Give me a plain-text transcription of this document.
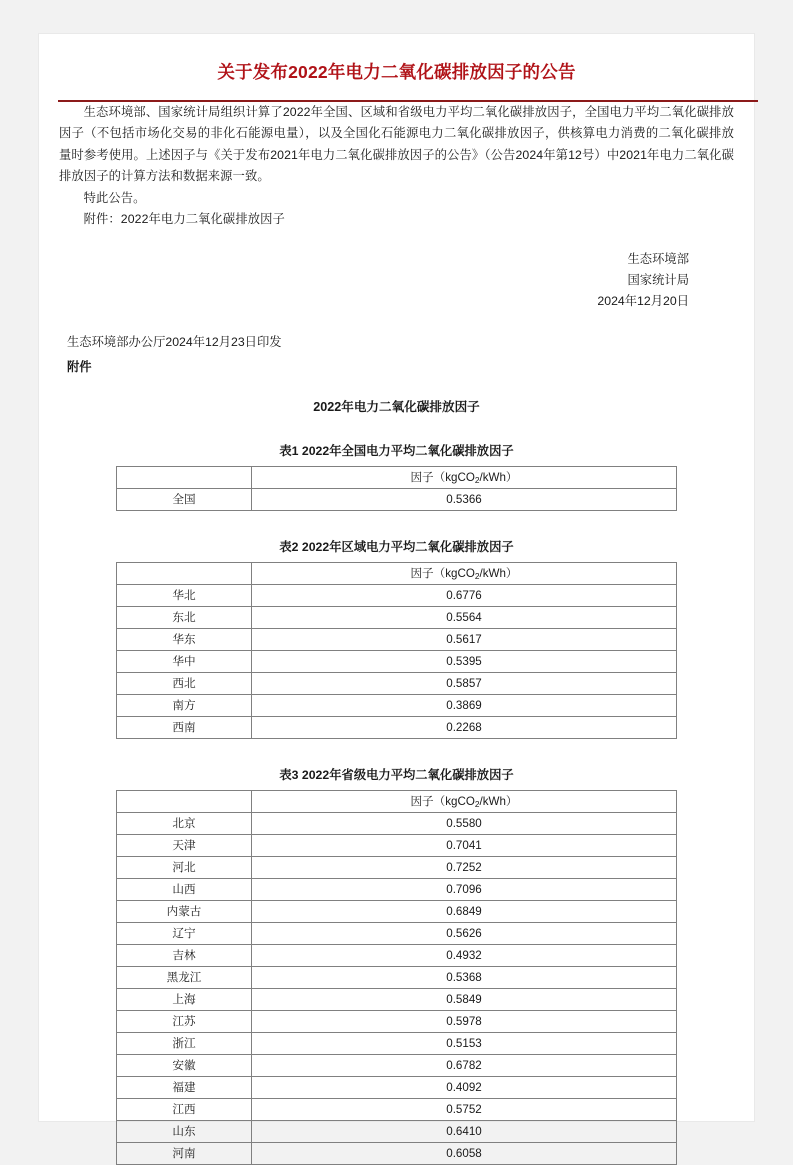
关于发布2022年电力二氧化碳排放因子的公告

生态环境部、国家统计局组织计算了2022年全国、区域和省级电力平均二氧化碳排放因子，全国电力平均二氧化碳排放因子（不包括市场化交易的非化石能源电量），以及全国化石能源电力二氧化碳排放因子，供核算电力消费的二氧化碳排放量时参考使用。上述因子与《关于发布2021年电力二氧化碳排放因子的公告》（公告2024年第12号）中2021年电力二氧化碳排放因子的计算方法和数据来源一致。

特此公告。

附件：2022年电力二氧化碳排放因子

生态环境部
国家统计局
2024年12月20日
生态环境部办公厅2024年12月23日印发
附件
2022年电力二氧化碳排放因子
表1 2022年全国电力平均二氧化碳排放因子
	因子（kgCO$_2$/kWh）
全国	0.5366
表2 2022年区域电力平均二氧化碳排放因子
	因子（kgCO$_2$/kWh）
华北	0.6776
东北	0.5564
华东	0.5617
华中	0.5395
西北	0.5857
南方	0.3869
西南	0.2268
表3 2022年省级电力平均二氧化碳排放因子
	因子（kgCO$_2$/kWh）
北京	0.5580
天津	0.7041
河北	0.7252
山西	0.7096
内蒙古	0.6849
辽宁	0.5626
吉林	0.4932
黑龙江	0.5368
上海	0.5849
江苏	0.5978
浙江	0.5153
安徽	0.6782
福建	0.4092
江西	0.5752
山东	0.6410
河南	0.6058
